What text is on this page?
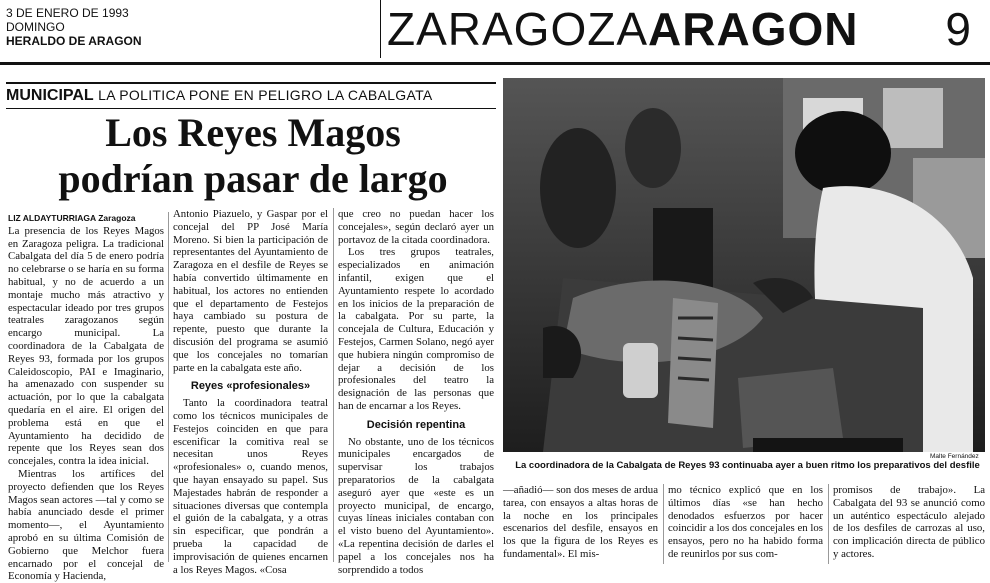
3 DE ENERO DE 1993
DOMINGO
HERALDO DE ARAGON	ZARAGOZAARAGON 9
MUNICIPAL LA POLITICA PONE EN PELIGRO LA CABALGATA
Los Reyes Magos
podrían pasar de largo
LIZ ALDAYTURRIAGA Zaragoza

La presencia de los Reyes Magos en Zaragoza peligra. La tradicional Cabalgata del día 5 de enero podría no celebrarse o se haría en su forma habitual, y no de acuerdo a un montaje mucho más atractivo y espectacular ideado por tres grupos teatrales zaragozanos según encargo municipal. La coordinadora de la Cabalgata de Reyes 93, formada por los grupos Caleidoscopio, PAI e Imaginario, ha amenazado con suspender su actuación, por lo que la cabalgata quedaría en el aire. El origen del problema está en que el Ayuntamiento ha decidido de repente que los Reyes sean dos concejales, contra la idea inicial.

Mientras los artífices del proyecto defienden que los Reyes Magos sean actores —tal y como se había anunciado desde el primer momento—, el Ayuntamiento aprobó en su última Comisión de Gobierno que Melchor fuera encarnado por el concejal de Economía y Hacienda,

Antonio Piazuelo, y Gaspar por el concejal del PP José María Moreno. Si bien la participación de representantes del Ayuntamiento de Zaragoza en el desfile de Reyes se había convertido últimamente en habitual, los actores no entienden que el departamento de Festejos haya cambiado su postura de repente, puesto que durante la discusión del programa se asumió que los concejales no tomarían parte en la cabalgata este año.

Reyes «profesionales»

Tanto la coordinadora teatral como los técnicos municipales de Festejos coinciden en que para escenificar la comitiva real se necesitan unos Reyes «profesionales» o, cuando menos, que hayan ensayado su papel. Sus Majestades habrán de responder a situaciones diversas que contempla el guión de la cabalgata, y a otras sin especificar, que pondrán a prueba la capacidad de improvisación de quienes encarnen a los Reyes Magos. «Cosa

que creo no puedan hacer los concejales», según declaró ayer un portavoz de la citada coordinadora.

Los tres grupos teatrales, especializados en animación infantil, exigen que el Ayuntamiento respete lo acordado en los inicios de la preparación de la cabalgata. Por su parte, la concejala de Cultura, Educación y Festejos, Carmen Solano, negó ayer que hubiera ningún compromiso de dejar a decisión de los profesionales del teatro la designación de las personas que han de encarnar a los Reyes.

Decisión repentina

No obstante, uno de los técnicos municipales encargados de supervisar los trabajos preparatorios de la cabalgata aseguró ayer que «este es un proyecto municipal, de encargo, cuyas líneas iniciales contaban con el visto bueno del Ayuntamiento». «La repentina decisión de darles el papel a los concejales nos ha sorprendido a todos

Malte Fernández
La coordinadora de la Cabalgata de Reyes 93 continuaba ayer a buen ritmo los preparativos del desfile

—añadió— son dos meses de ardua tarea, con ensayos a altas horas de la noche en los principales escenarios del desfile, ensayos en los que la figura de los Reyes es fundamental». El mis-

mo técnico explicó que en los últimos días «se han hecho denodados esfuerzos por hacer coincidir a los dos concejales en los ensayos, pero no ha habido forma de reunirlos por sus com-

promisos de trabajo». La Cabalgata del 93 se anunció como un auténtico espectáculo alejado de los desfiles de carrozas al uso, con implicación directa de público y actores.
